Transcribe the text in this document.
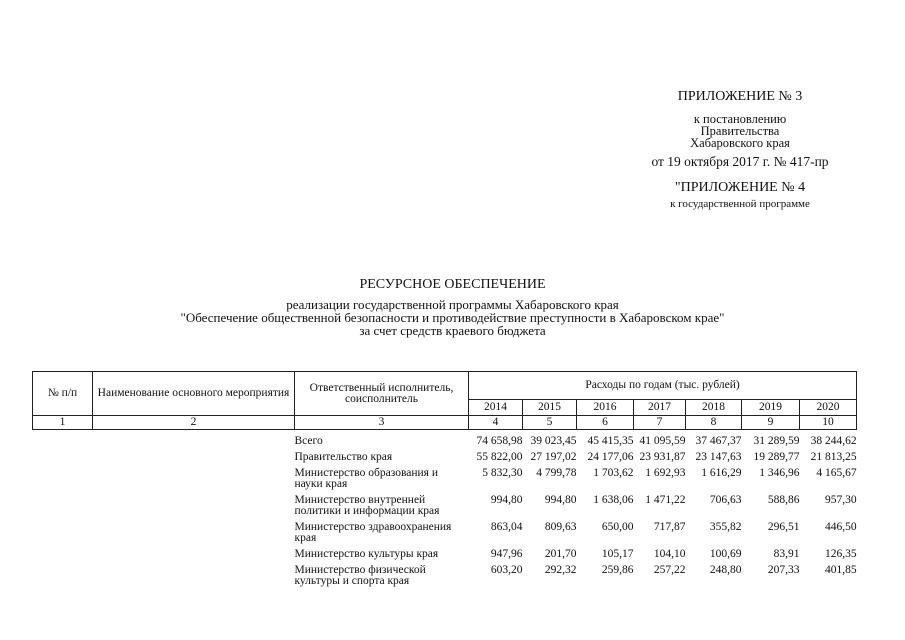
ПРИЛОЖЕНИЕ № 3
к постановлению
Правительства
Хабаровского края
от 19 октября 2017 г. № 417-пр
"ПРИЛОЖЕНИЕ № 4
к государственной программе
РЕСУРСНОЕ ОБЕСПЕЧЕНИЕ
реализации государственной программы Хабаровского края
"Обеспечение общественной безопасности и противодействие преступности в Хабаровском крае"
за счет средств краевого бюджета
№ п/п	Наименование основного мероприятия	Ответственный исполнитель, соисполнитель	Расходы по годам (тыс. рублей)						
			2014	2015	2016	2017	2018	2019	2020
1	2	3	4	5	6	7	8	9	10

		Всего	74 658,98	39 023,45	45 415,35	41 095,59	37 467,37	31 289,59	38 244,62
		Правительство края	55 822,00	27 197,02	24 177,06	23 931,87	23 147,63	19 289,77	21 813,25
		Министерство образования и науки края	5 832,30	4 799,78	1 703,62	1 692,93	1 616,29	1 346,96	4 165,67
		Министерство внутренней политики и информации края	994,80	994,80	1 638,06	1 471,22	706,63	588,86	957,30
		Министерство здравоохранения края	863,04	809,63	650,00	717,87	355,82	296,51	446,50
		Министерство культуры края	947,96	201,70	105,17	104,10	100,69	83,91	126,35
		Министерство физической культуры и спорта края	603,20	292,32	259,86	257,22	248,80	207,33	401,85
